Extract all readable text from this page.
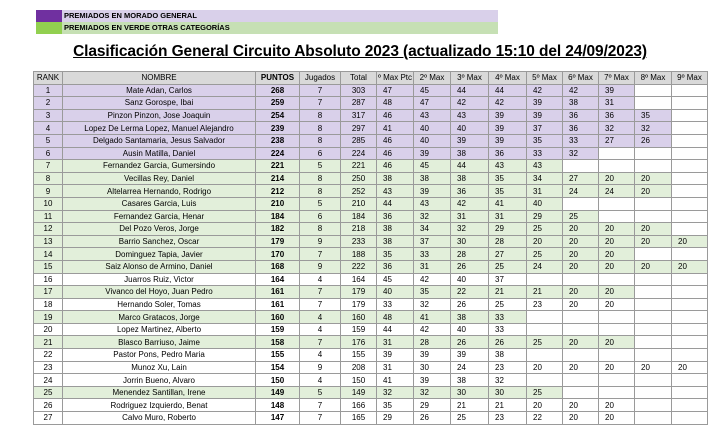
PREMIADOS EN MORADO GENERAL
PREMIADOS EN VERDE OTRAS CATEGORÍAS
Clasificación General Circuito Absoluto 2023 (actualizado 15:10 del 24/09/2023)
RANK	NOMBRE	PUNTOS	Jugados	Total	º Max Ptc	2º Max	3º Max	4º Max	5º Max	6º Max	7º Max	8º Max	9º Max
1	Mate Adan, Carlos	268	7	303	47	45	44	44	42	42	39		
2	Sanz Gorospe, Ibai	259	7	287	48	47	42	42	39	38	31		
3	Pinzon Pinzon, Jose Joaquin	254	8	317	46	43	43	39	39	36	36	35	
4	Lopez De Lerma Lopez, Manuel Alejandro	239	8	297	41	40	40	39	37	36	32	32	
5	Delgado Santamaria, Jesus Salvador	238	8	285	46	40	39	39	35	33	27	26	
6	Ausin Matilla, Daniel	224	6	224	46	39	38	36	33	32			
7	Fernandez Garcia, Gumersindo	221	5	221	46	45	44	43	43				
8	Vecillas Rey, Daniel	214	8	250	38	38	38	35	34	27	20	20	
9	Altelarrea Hernando, Rodrigo	212	8	252	43	39	36	35	31	24	24	20	
10	Casares Garcia, Luis	210	5	210	44	43	42	41	40				
11	Fernandez Garcia, Henar	184	6	184	36	32	31	31	29	25			
12	Del Pozo Veros, Jorge	182	8	218	38	34	32	29	25	20	20	20	
13	Barrio Sanchez, Oscar	179	9	233	38	37	30	28	20	20	20	20	20
14	Dominguez Tapia, Javier	170	7	188	35	33	28	27	25	20	20		
15	Saiz Alonso de Armino, Daniel	168	9	222	36	31	26	25	24	20	20	20	20
16	Juarros Ruiz, Victor	164	4	164	45	42	40	37					
17	Vivanco del Hoyo, Juan Pedro	161	7	179	40	35	22	21	21	20	20		
18	Hernando Soler, Tomas	161	7	179	33	32	26	25	23	20	20		
19	Marco Gratacos, Jorge	160	4	160	48	41	38	33					
20	Lopez Martinez, Alberto	159	4	159	44	42	40	33					
21	Blasco Barriuso, Jaime	158	7	176	31	28	26	26	25	20	20		
22	Pastor Pons, Pedro Maria	155	4	155	39	39	39	38					
23	Munoz Xu, Lain	154	9	208	31	30	24	23	20	20	20	20	20
24	Jorrin Bueno, Alvaro	150	4	150	41	39	38	32					
25	Menendez Santillan, Irene	149	5	149	32	32	30	30	25				
26	Rodriguez Izquierdo, Benat	148	7	166	35	29	21	21	20	20	20		
27	Calvo Muro, Roberto	147	7	165	29	26	25	23	22	20	20		
